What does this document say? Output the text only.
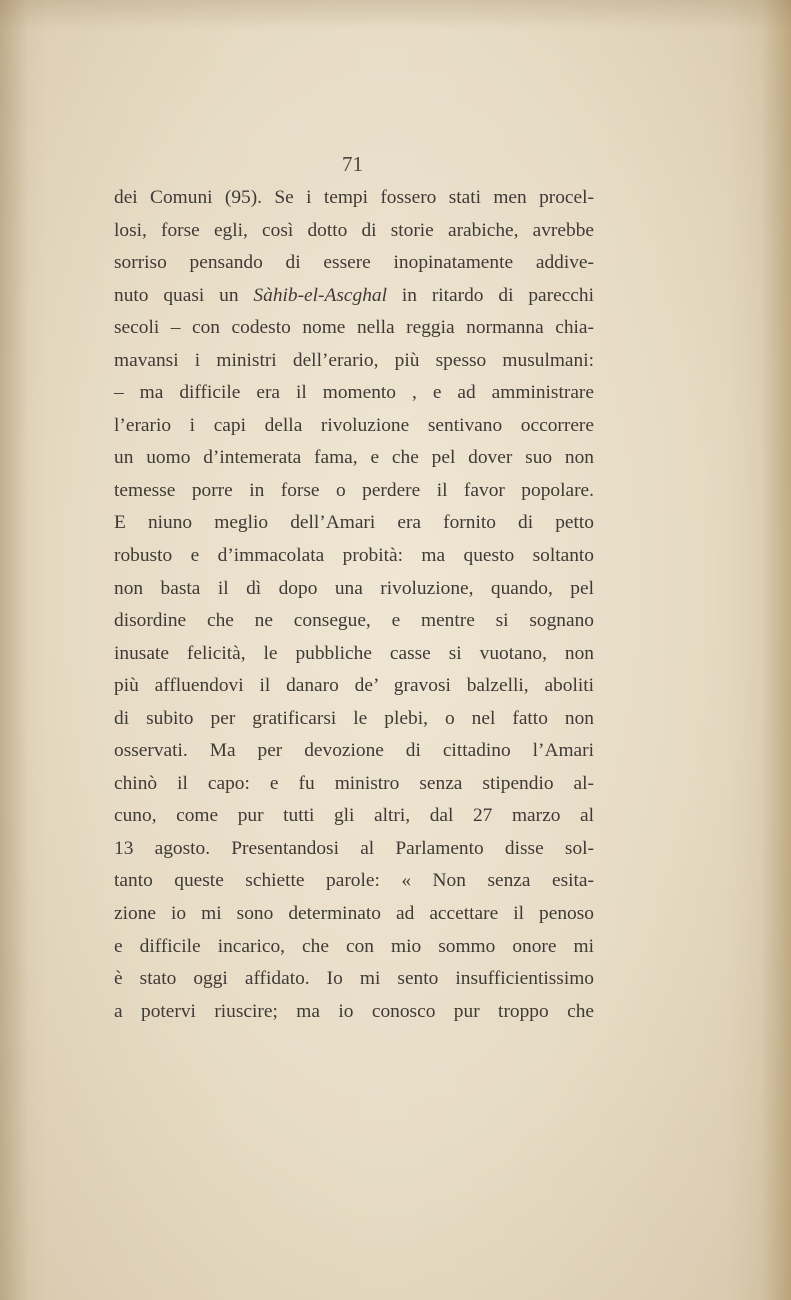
71
dei Comuni (95). Se i tempi fossero stati men procel-
losi, forse egli, così dotto di storie arabiche, avrebbe
sorriso pensando di essere inopinatamente addive-
nuto quasi un Sàhib-el-Ascghal in ritardo di parecchi
secoli – con codesto nome nella reggia normanna chia-
mavansi i ministri dell’erario, più spesso musulmani:
– ma difficile era il momento , e ad amministrare
l’erario i capi della rivoluzione sentivano occorrere
un uomo d’intemerata fama, e che pel dover suo non
temesse porre in forse o perdere il favor popolare.
E niuno meglio dell’Amari era fornito di petto
robusto e d’immacolata probità: ma questo soltanto
non basta il dì dopo una rivoluzione, quando, pel
disordine che ne consegue, e mentre si sognano
inusate felicità, le pubbliche casse si vuotano, non
più affluendovi il danaro de’ gravosi balzelli, aboliti
di subito per gratificarsi le plebi, o nel fatto non
osservati. Ma per devozione di cittadino l’Amari
chinò il capo: e fu ministro senza stipendio al-
cuno, come pur tutti gli altri, dal 27 marzo al
13 agosto. Presentandosi al Parlamento disse sol-
tanto queste schiette parole: « Non senza esita-
zione io mi sono determinato ad accettare il penoso
e difficile incarico, che con mio sommo onore mi
è stato oggi affidato. Io mi sento insufficientissimo
a potervi riuscire; ma io conosco pur troppo che
